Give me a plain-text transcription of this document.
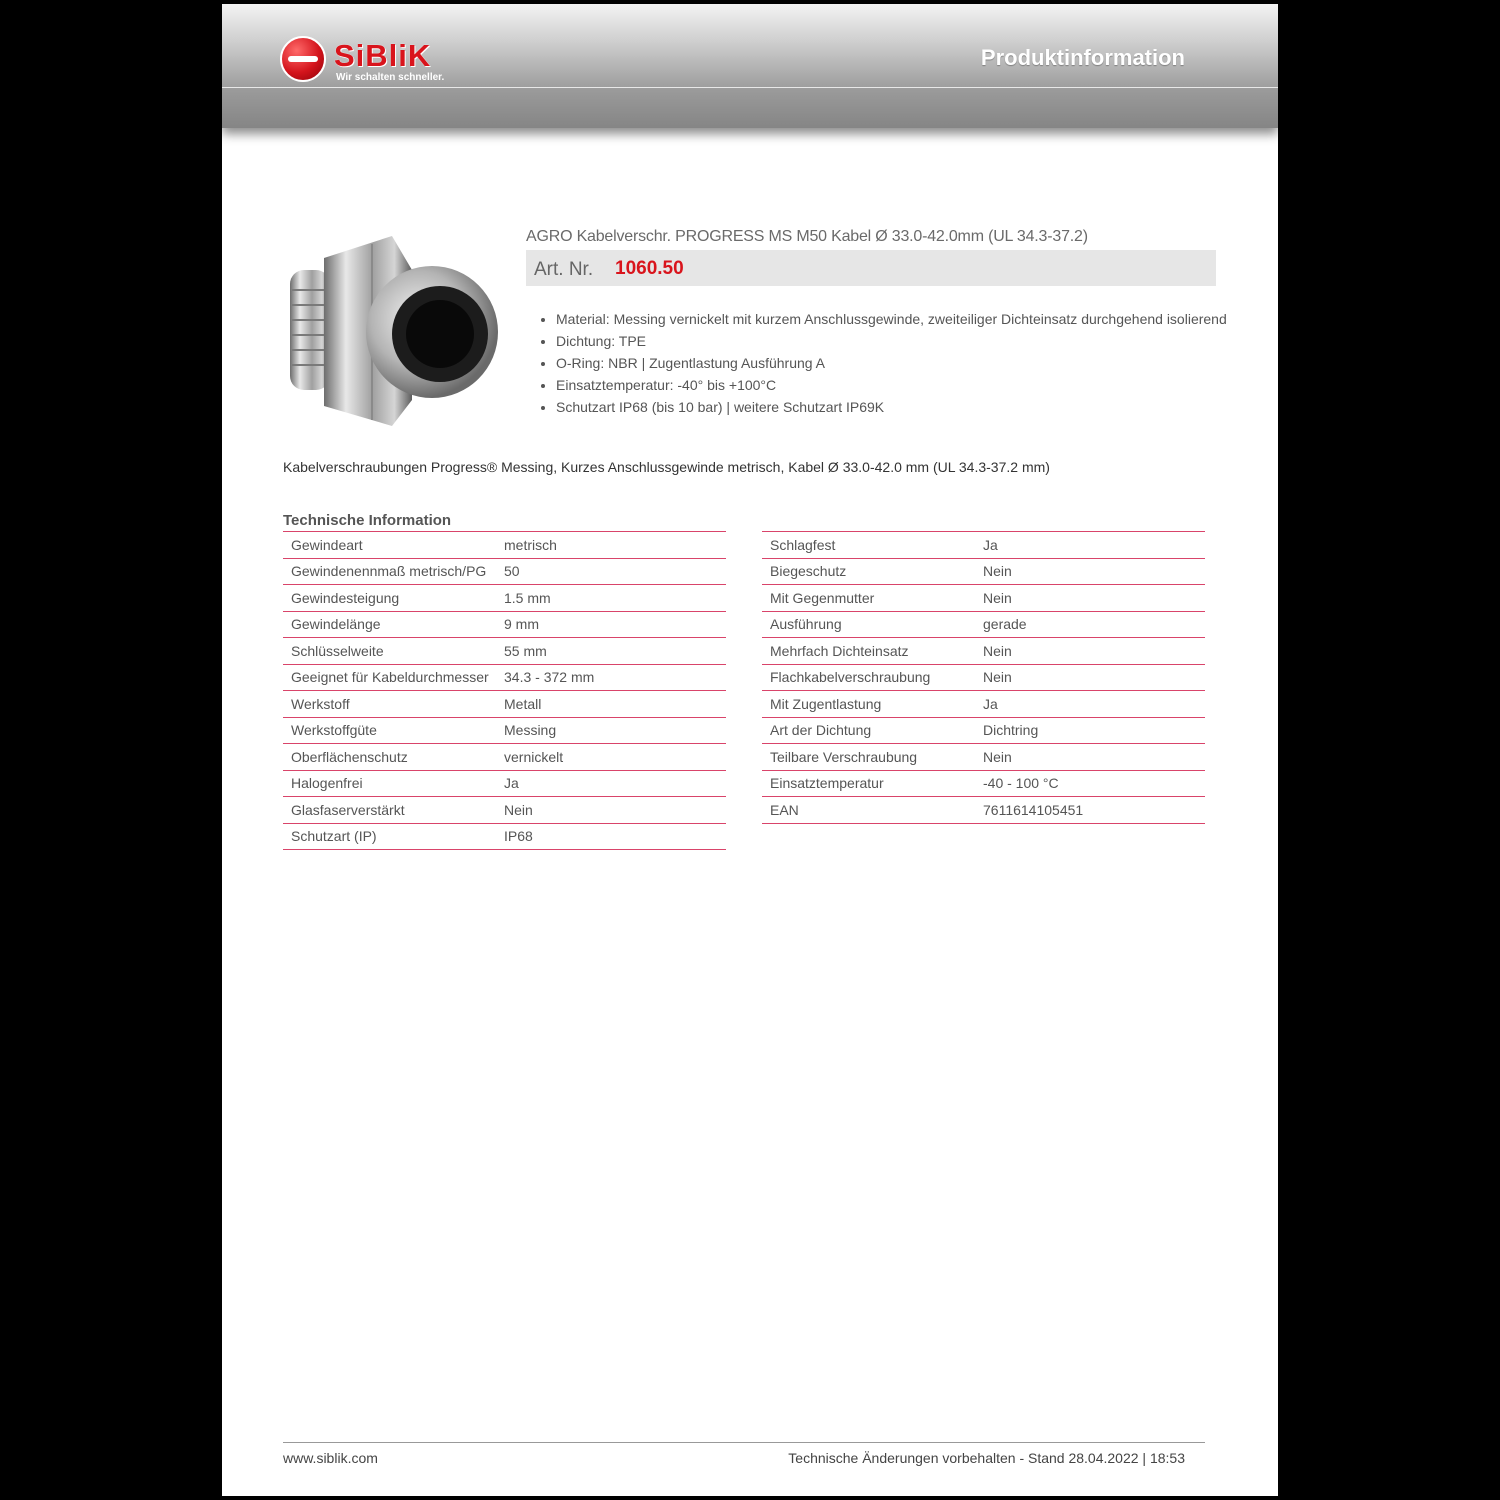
SiBliK
Wir schalten schneller.
Produktinformation
AGRO Kabelverschr. PROGRESS MS M50 Kabel Ø 33.0-42.0mm (UL 34.3-37.2)
Art. Nr. 1060.50
• Material: Messing vernickelt mit kurzem Anschlussgewinde, zweiteiliger Dichteinsatz durchgehend isolierend
• Dichtung: TPE
• O-Ring: NBR | Zugentlastung Ausführung A
• Einsatztemperatur: -40° bis +100°C
• Schutzart IP68 (bis 10 bar) | weitere Schutzart IP69K
Kabelverschraubungen Progress® Messing, Kurzes Anschlussgewinde metrisch, Kabel Ø 33.0-42.0 mm (UL 34.3-37.2 mm)
Technische Information
Gewindeart	metrisch
Gewindenennmaß metrisch/PG	50
Gewindesteigung	1.5 mm
Gewindelänge	9 mm
Schlüsselweite	55 mm
Geeignet für Kabeldurchmesser	34.3 - 372 mm
Werkstoff	Metall
Werkstoffgüte	Messing
Oberflächenschutz	vernickelt
Halogenfrei	Ja
Glasfaserverstärkt	Nein
Schutzart (IP)	IP68
Schlagfest	Ja
Biegeschutz	Nein
Mit Gegenmutter	Nein
Ausführung	gerade
Mehrfach Dichteinsatz	Nein
Flachkabelverschraubung	Nein
Mit Zugentlastung	Ja
Art der Dichtung	Dichtring
Teilbare Verschraubung	Nein
Einsatztemperatur	-40 - 100 °C
EAN	7611614105451
www.siblik.com	Technische Änderungen vorbehalten - Stand 28.04.2022 | 18:53
